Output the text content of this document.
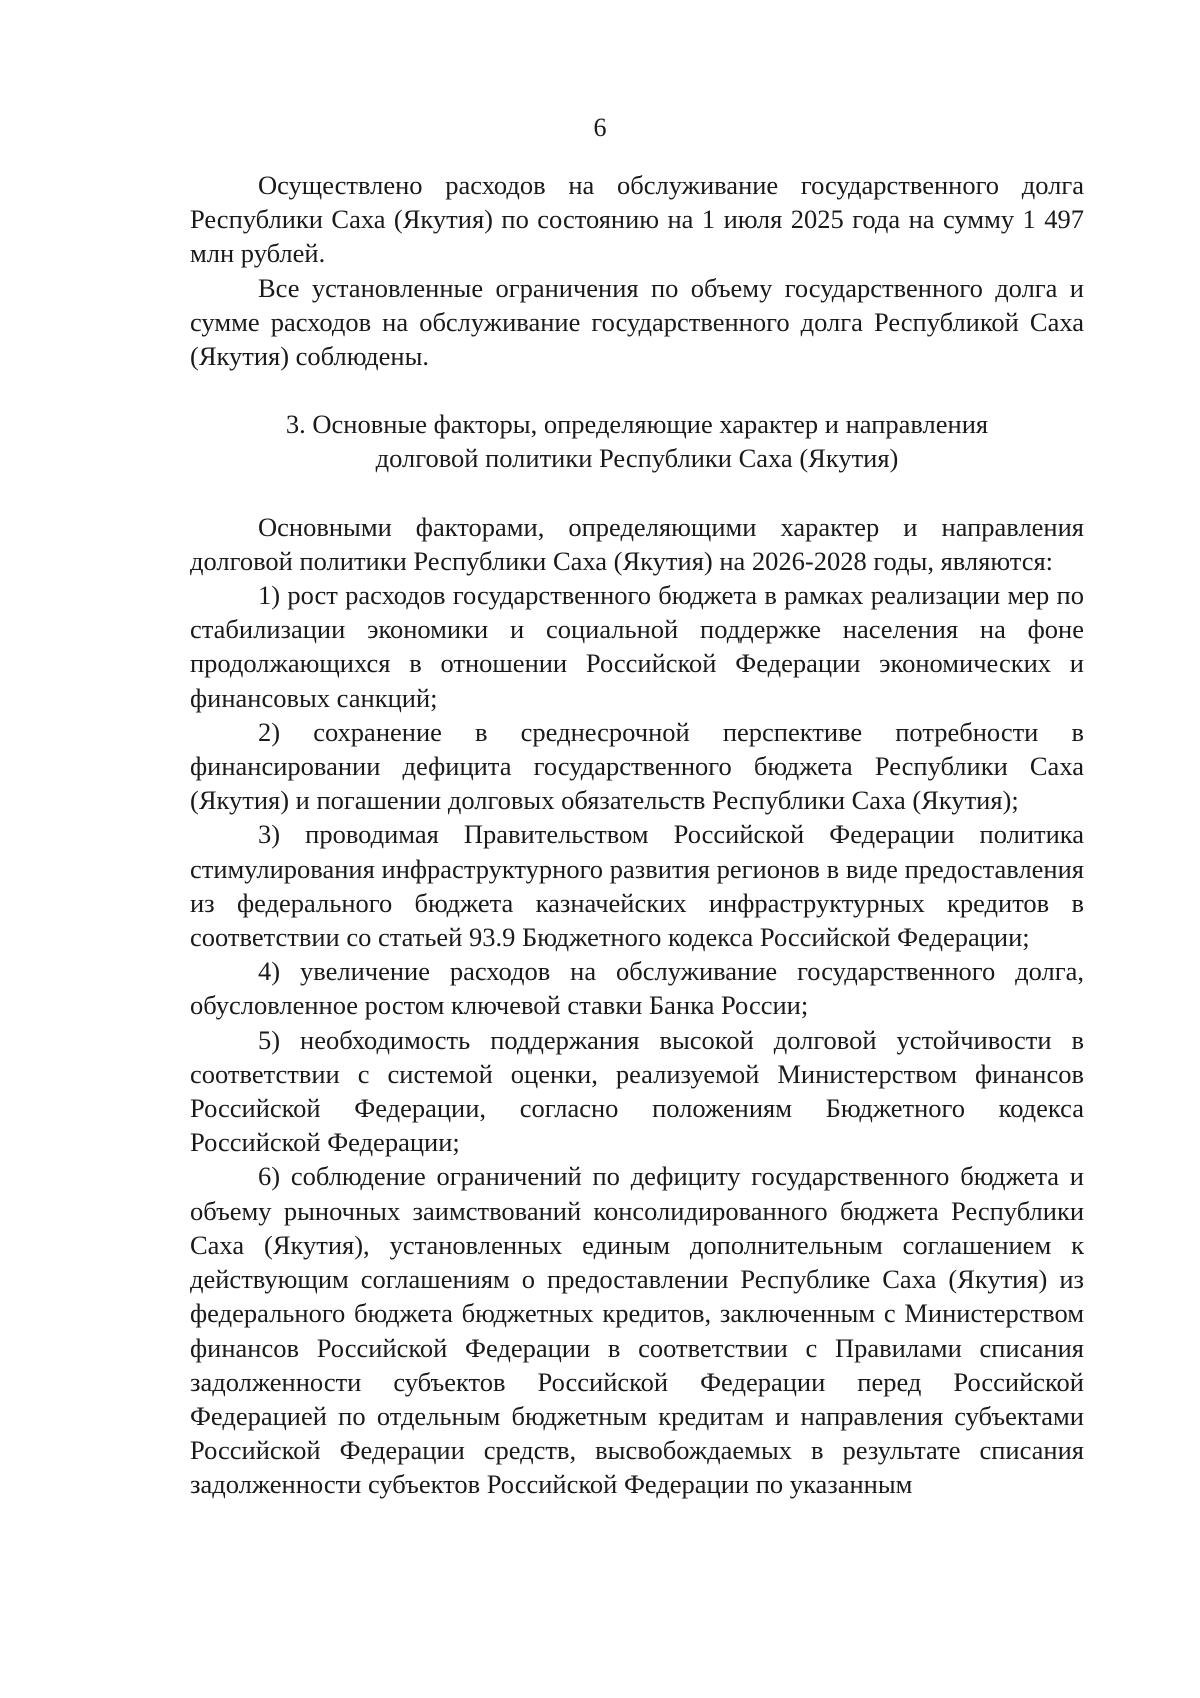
6

Осуществлено расходов на обслуживание государственного долга Республики Саха (Якутия) по состоянию на 1 июля 2025 года на сумму 1 497 млн рублей.

Все установленные ограничения по объему государственного долга и сумме расходов на обслуживание государственного долга Республикой Саха (Якутия) соблюдены.

3. Основные факторы, определяющие характер и направления
долговой политики Республики Саха (Якутия)

Основными факторами, определяющими характер и направления долговой политики Республики Саха (Якутия) на 2026-2028 годы, являются:

1) рост расходов государственного бюджета в рамках реализации мер по стабилизации экономики и социальной поддержке населения на фоне продолжающихся в отношении Российской Федерации экономических и финансовых санкций;

2) сохранение в среднесрочной перспективе потребности в финансировании дефицита государственного бюджета Республики Саха (Якутия) и погашении долговых обязательств Республики Саха (Якутия);

3) проводимая Правительством Российской Федерации политика стимулирования инфраструктурного развития регионов в виде предоставления из федерального бюджета казначейских инфраструктурных кредитов в соответствии со статьей 93.9 Бюджетного кодекса Российской Федерации;

4) увеличение расходов на обслуживание государственного долга, обусловленное ростом ключевой ставки Банка России;

5) необходимость поддержания высокой долговой устойчивости в соответствии с системой оценки, реализуемой Министерством финансов Российской Федерации, согласно положениям Бюджетного кодекса Российской Федерации;

6) соблюдение ограничений по дефициту государственного бюджета и объему рыночных заимствований консолидированного бюджета Республики Саха (Якутия), установленных единым дополнительным соглашением к действующим соглашениям о предоставлении Республике Саха (Якутия) из федерального бюджета бюджетных кредитов, заключенным с Министерством финансов Российской Федерации в соответствии с Правилами списания задолженности субъектов Российской Федерации перед Российской Федерацией по отдельным бюджетным кредитам и направления субъектами Российской Федерации средств, высвобождаемых в результате списания задолженности субъектов Российской Федерации по указанным
